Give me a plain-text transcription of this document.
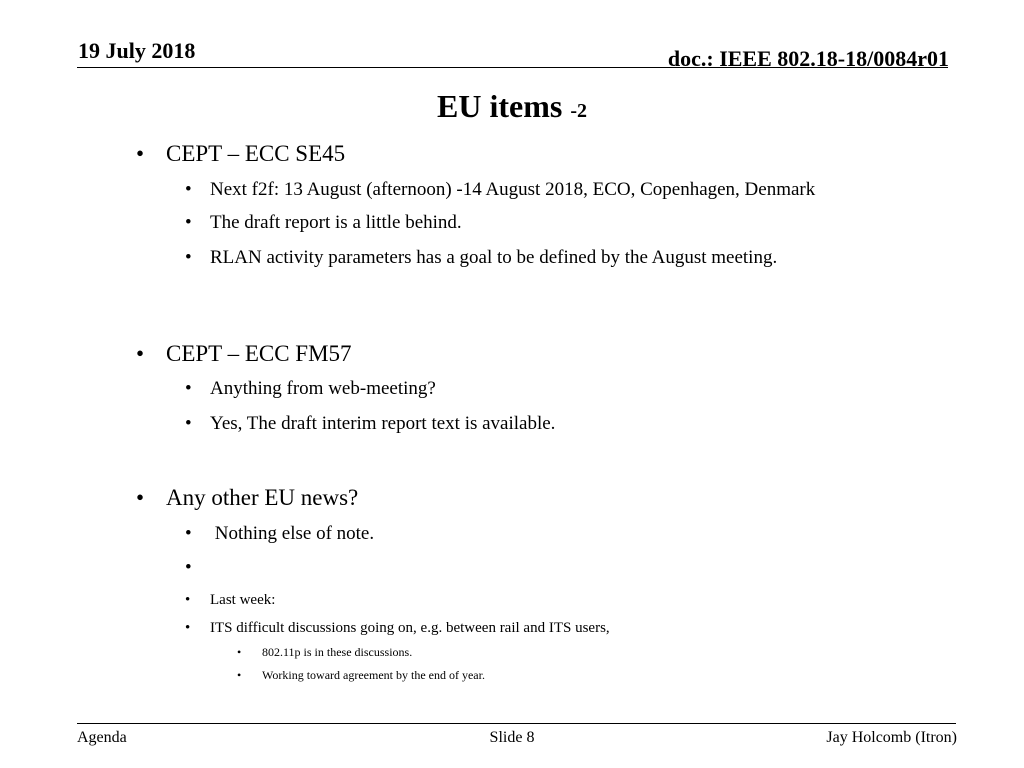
19 July 2018	doc.: IEEE 802.18-18/0084r01
EU items -2
• CEPT – ECC SE45
• Next f2f: 13 August (afternoon) -14 August 2018, ECO, Copenhagen, Denmark
• The draft report is a little behind.
• RLAN activity parameters has a goal to be defined by the August meeting.
• CEPT – ECC FM57
• Anything from web-meeting?
• Yes, The draft interim report text is available.
• Any other EU news?
• Nothing else of note.
•
• Last week:
• ITS difficult discussions going on, e.g. between rail and ITS users,
• 802.11p is in these discussions.
• Working toward agreement by the end of year.
Agenda	Slide 8	Jay Holcomb (Itron)
